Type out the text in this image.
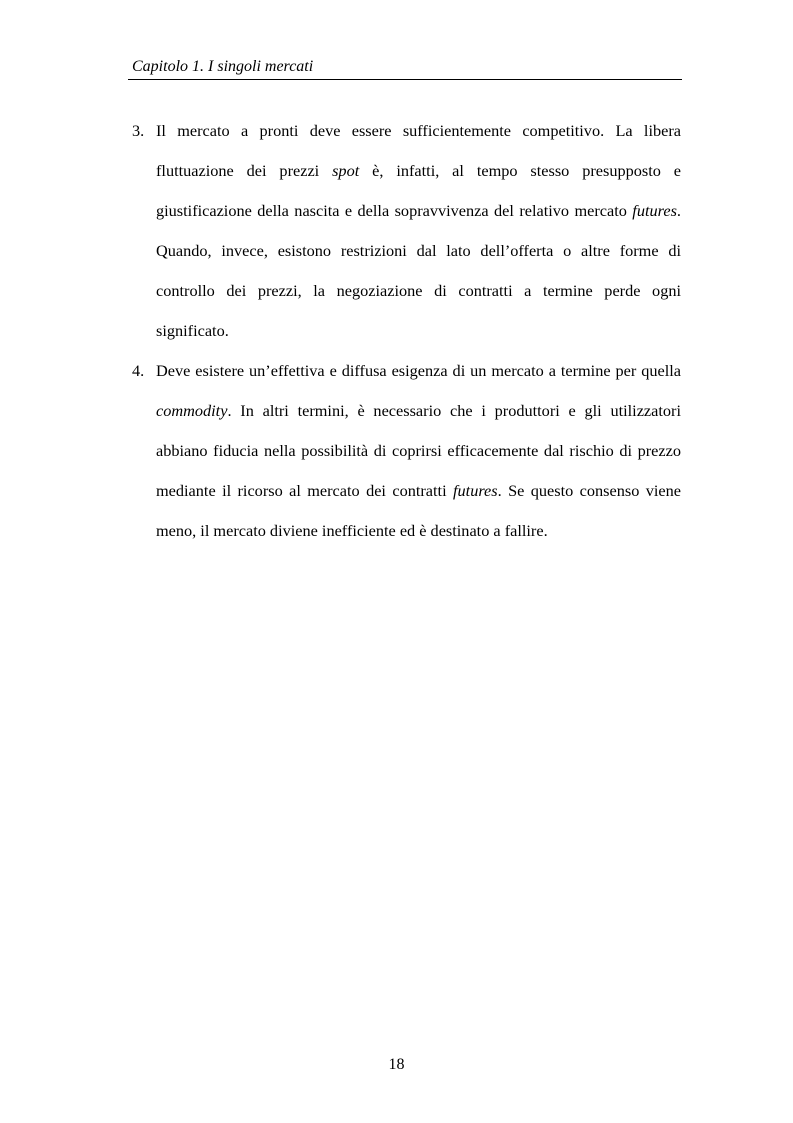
Capitolo 1. I singoli mercati
3. Il mercato a pronti deve essere sufficientemente competitivo. La libera fluttuazione dei prezzi spot è, infatti, al tempo stesso presupposto e giustificazione della nascita e della sopravvivenza del relativo mercato futures. Quando, invece, esistono restrizioni dal lato dell’offerta o altre forme di controllo dei prezzi, la negoziazione di contratti a termine perde ogni significato.
4. Deve esistere un’effettiva e diffusa esigenza di un mercato a termine per quella commodity. In altri termini, è necessario che i produttori e gli utilizzatori abbiano fiducia nella possibilità di coprirsi efficacemente dal rischio di prezzo mediante il ricorso al mercato dei contratti futures. Se questo consenso viene meno, il mercato diviene inefficiente ed è destinato a fallire.
18
